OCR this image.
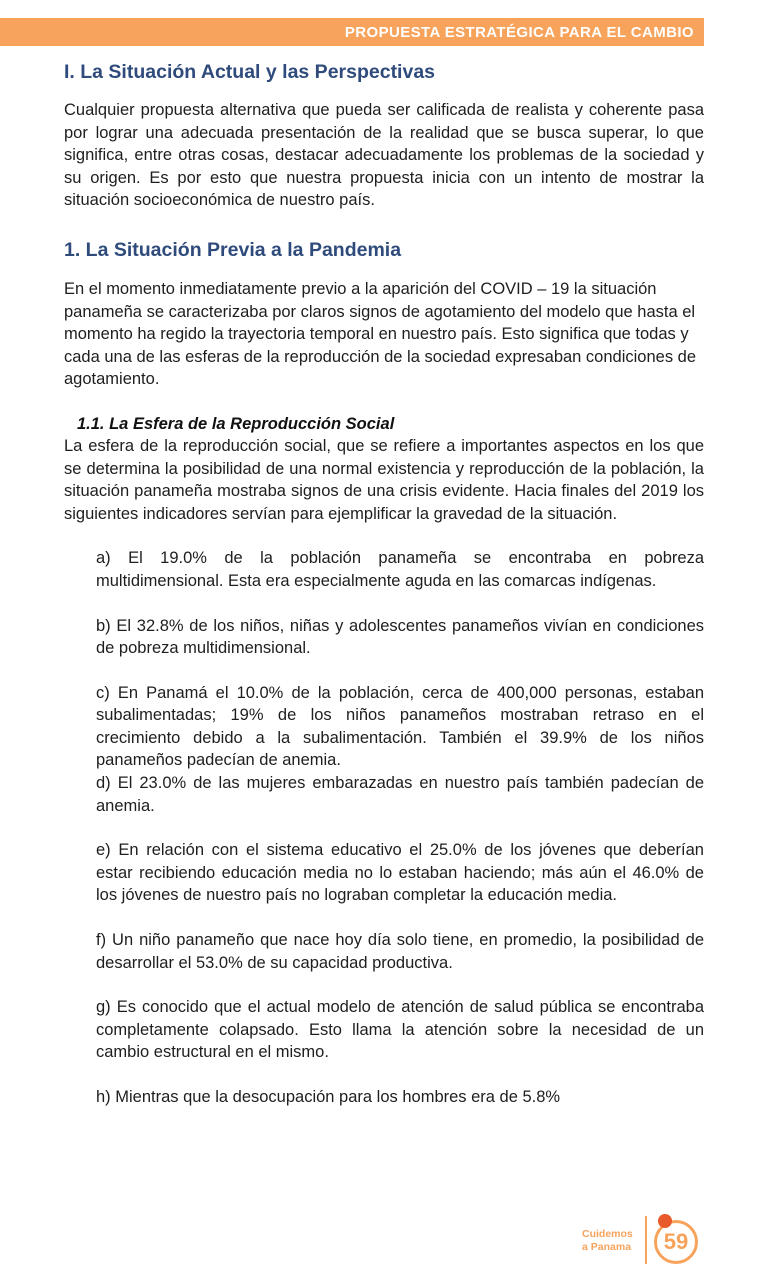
PROPUESTA ESTRATÉGICA PARA EL CAMBIO
I. La Situación Actual y las Perspectivas

Cualquier propuesta alternativa que pueda ser calificada de realista y coherente pasa por lograr una adecuada presentación de la realidad que se busca superar, lo que significa, entre otras cosas, destacar adecuadamente los problemas de la sociedad y su origen. Es por esto que nuestra propuesta inicia con un intento de mostrar la situación socioeconómica de nuestro país.

1. La Situación Previa a la Pandemia

En el momento inmediatamente previo a la aparición del COVID – 19 la situación panameña se caracterizaba por claros signos de agotamiento del modelo que hasta el momento ha regido la trayectoria temporal en nuestro país. Esto significa que todas y cada una de las esferas de la reproducción de la sociedad expresaban condiciones de agotamiento.

1.1. La Esfera de la Reproducción Social

La esfera de la reproducción social, que se refiere a importantes aspectos en los que se determina la posibilidad de una normal existencia y reproducción de la población, la situación panameña mostraba signos de una crisis evidente. Hacia finales del 2019 los siguientes indicadores servían para ejemplificar la gravedad de la situación.

a) El 19.0% de la población panameña se encontraba en pobreza multidimensional. Esta era especialmente aguda en las comarcas indígenas.

b) El 32.8% de los niños, niñas y adolescentes panameños vivían en condiciones de pobreza multidimensional.

c) En Panamá el 10.0% de la población, cerca de 400,000 personas, estaban subalimentadas; 19% de los niños panameños mostraban retraso en el crecimiento debido a la subalimentación. También el 39.9% de los niños panameños padecían de anemia.

d) El 23.0% de las mujeres embarazadas en nuestro país también padecían de anemia.

e) En relación con el sistema educativo el 25.0% de los jóvenes que deberían estar recibiendo educación media no lo estaban haciendo; más aún el 46.0% de los jóvenes de nuestro país no lograban completar la educación media.

f) Un niño panameño que nace hoy día solo tiene, en promedio, la posibilidad de desarrollar el 53.0% de su capacidad productiva.

g) Es conocido que el actual modelo de atención de salud pública se encontraba completamente colapsado. Esto llama la atención sobre la necesidad de un cambio estructural en el mismo.

h) Mientras que la desocupación para los hombres era de 5.8%

Cuidemos
a Panama	59
